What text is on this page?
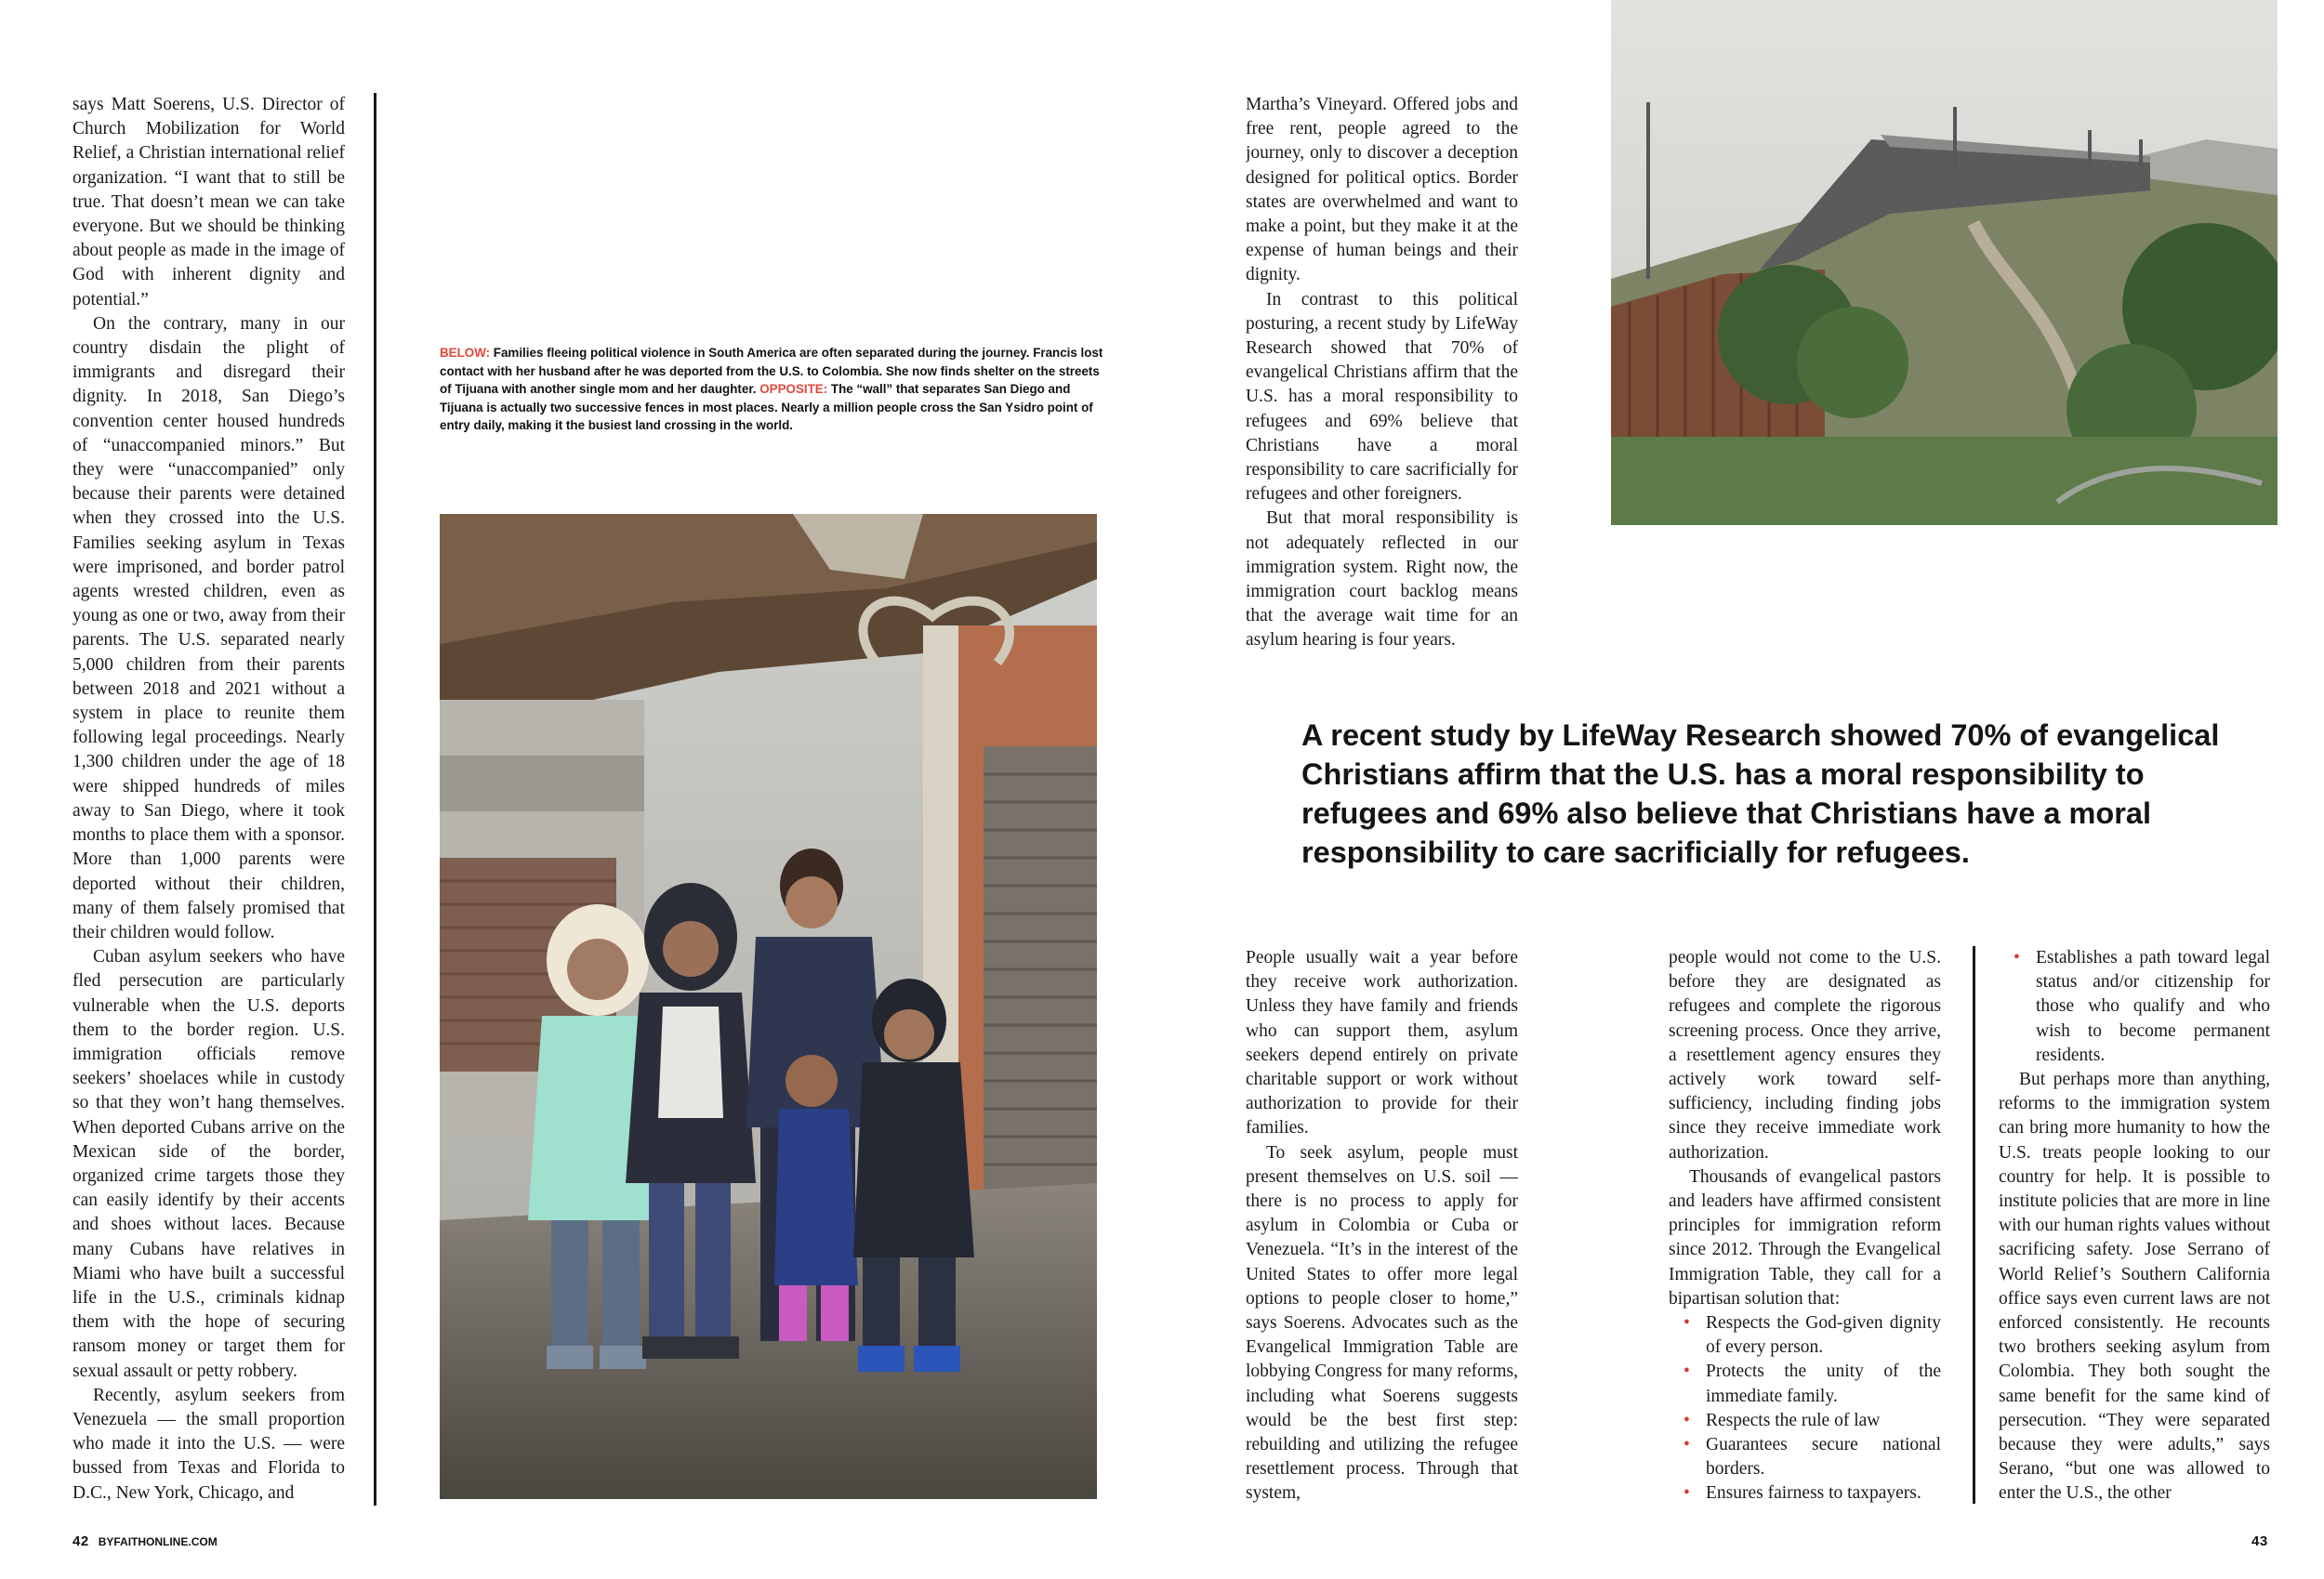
says Matt Soerens, U.S. Director of Church Mobilization for World Relief, a Christian international relief organization. “I want that to still be true. That doesn’t mean we can take everyone. But we should be thinking about people as made in the image of God with inherent dignity and potential.”

On the contrary, many in our country disdain the plight of immigrants and disregard their dignity. In 2018, San Diego’s convention center housed hundreds of “unaccompanied minors.” But they were “unaccompanied” only because their parents were detained when they crossed into the U.S. Families seeking asylum in Texas were imprisoned, and border patrol agents wrested children, even as young as one or two, away from their parents. The U.S. separated nearly 5,000 children from their parents between 2018 and 2021 without a system in place to reunite them following legal proceedings. Nearly 1,300 children under the age of 18 were shipped hundreds of miles away to San Diego, where it took months to place them with a sponsor. More than 1,000 parents were deported without their children, many of them falsely promised that their children would follow.

Cuban asylum seekers who have fled persecution are particularly vulnerable when the U.S. deports them to the border region. U.S. immigration officials remove seekers’ shoelaces while in custody so that they won’t hang themselves. When deported Cubans arrive on the Mexican side of the border, organized crime targets those they can easily identify by their accents and shoes without laces. Because many Cubans have relatives in Miami who have built a successful life in the U.S., criminals kidnap them with the hope of securing ransom money or target them for sexual assault or petty robbery.

Recently, asylum seekers from Venezuela — the small proportion who made it into the U.S. — were bussed from Texas and Florida to D.C., New York, Chicago, and

BELOW: Families fleeing political violence in South America are often separated during the journey. Francis lost contact with her husband after he was deported from the U.S. to Colombia. She now finds shelter on the streets of Tijuana with another single mom and her daughter. OPPOSITE: The “wall” that separates San Diego and Tijuana is actually two successive fences in most places. Nearly a million people cross the San Ysidro point of entry daily, making it the busiest land crossing in the world.

Martha’s Vineyard. Offered jobs and free rent, people agreed to the journey, only to discover a deception designed for political optics. Border states are overwhelmed and want to make a point, but they make it at the expense of human beings and their dignity.

In contrast to this political posturing, a recent study by LifeWay Research showed that 70% of evangelical Christians affirm that the U.S. has a moral responsibility to refugees and 69% believe that Christians have a moral responsibility to care sacrificially for refugees and other foreigners.

But that moral responsibility is not adequately reflected in our immigration system. Right now, the immigration court backlog means that the average wait time for an asylum hearing is four years.

A recent study by LifeWay Research showed 70% of evangelical Christians affirm that the U.S. has a moral responsibility to refugees and 69% also believe that Christians have a moral responsibility to care sacrificially for refugees.

People usually wait a year before they receive work authorization. Unless they have family and friends who can support them, asylum seekers depend entirely on private charitable support or work without authorization to provide for their families.

To seek asylum, people must present themselves on U.S. soil — there is no process to apply for asylum in Colombia or Cuba or Venezuela. “It’s in the interest of the United States to offer more legal options to people closer to home,” says Soerens. Advocates such as the Evangelical Immigration Table are lobbying Congress for many reforms, including what Soerens suggests would be the best first step: rebuilding and utilizing the refugee resettlement process. Through that system,

people would not come to the U.S. before they are designated as refugees and complete the rigorous screening process. Once they arrive, a resettlement agency ensures they actively work toward self-sufficiency, including finding jobs since they receive immediate work authorization.

Thousands of evangelical pastors and leaders have affirmed consistent principles for immigration reform since 2012. Through the Evangelical Immigration Table, they call for a bipartisan solution that:

• Respects the God-given dignity of every person.
• Protects the unity of the immediate family.
• Respects the rule of law
• Guarantees secure national borders.
• Ensures fairness to taxpayers.
• Establishes a path toward legal status and/or citizenship for those who qualify and who wish to become permanent residents.

But perhaps more than anything, reforms to the immigration system can bring more humanity to how the U.S. treats people looking to our country for help. It is possible to institute policies that are more in line with our human rights values without sacrificing safety. Jose Serrano of World Relief’s Southern California office says even current laws are not enforced consistently. He recounts two brothers seeking asylum from Colombia. They both sought the same benefit for the same kind of persecution. “They were separated because they were adults,” says Serano, “but one was allowed to enter the U.S., the other

42 BYFAITHONLINE.COM	43
